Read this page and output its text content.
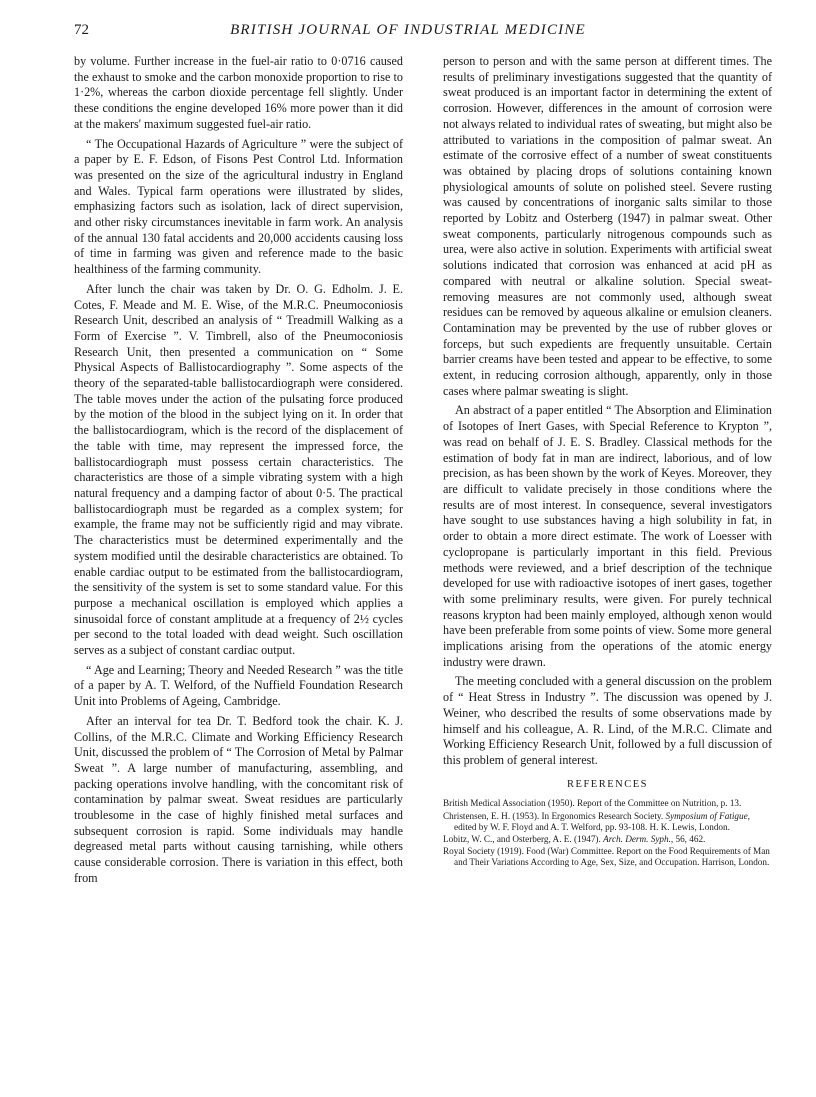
72	BRITISH JOURNAL OF INDUSTRIAL MEDICINE

by volume. Further increase in the fuel-air ratio to 0·0716 caused the exhaust to smoke and the carbon monoxide proportion to rise to 1·2%, whereas the carbon dioxide percentage fell slightly. Under these conditions the engine developed 16% more power than it did at the makers' maximum suggested fuel-air ratio.

“ The Occupational Hazards of Agriculture ” were the subject of a paper by E. F. Edson, of Fisons Pest Control Ltd. Information was presented on the size of the agricultural industry in England and Wales. Typical farm operations were illustrated by slides, emphasizing factors such as isolation, lack of direct supervision, and other risky circumstances inevitable in farm work. An analysis of the annual 130 fatal accidents and 20,000 accidents causing loss of time in farming was given and reference made to the basic healthiness of the farming community.

After lunch the chair was taken by Dr. O. G. Edholm. J. E. Cotes, F. Meade and M. E. Wise, of the M.R.C. Pneumoconiosis Research Unit, described an analysis of “ Treadmill Walking as a Form of Exercise ”. V. Timbrell, also of the Pneumoconiosis Research Unit, then presented a communication on “ Some Physical Aspects of Ballistocardiography ”. Some aspects of the theory of the separated-table ballistocardiograph were considered. The table moves under the action of the pulsating force produced by the motion of the blood in the subject lying on it. In order that the ballistocardiogram, which is the record of the displacement of the table with time, may represent the impressed force, the ballistocardiograph must possess certain characteristics. The characteristics are those of a simple vibrating system with a high natural frequency and a damping factor of about 0·5. The practical ballistocardiograph must be regarded as a complex system; for example, the frame may not be sufficiently rigid and may vibrate. The characteristics must be determined experimentally and the system modified until the desirable characteristics are obtained. To enable cardiac output to be estimated from the ballistocardiogram, the sensitivity of the system is set to some standard value. For this purpose a mechanical oscillation is employed which applies a sinusoidal force of constant amplitude at a frequency of 2½ cycles per second to the total loaded with dead weight. Such oscillation serves as a subject of constant cardiac output.

“ Age and Learning; Theory and Needed Research ” was the title of a paper by A. T. Welford, of the Nuffield Foundation Research Unit into Problems of Ageing, Cambridge.

After an interval for tea Dr. T. Bedford took the chair. K. J. Collins, of the M.R.C. Climate and Working Efficiency Research Unit, discussed the problem of “ The Corrosion of Metal by Palmar Sweat ”. A large number of manufacturing, assembling, and packing operations involve handling, with the concomitant risk of contamination by palmar sweat. Sweat residues are particularly troublesome in the case of highly finished metal surfaces and subsequent corrosion is rapid. Some individuals may handle degreased metal parts without causing tarnishing, while others cause considerable corrosion. There is variation in this effect, both from

person to person and with the same person at different times. The results of preliminary investigations suggested that the quantity of sweat produced is an important factor in determining the extent of corrosion. However, differences in the amount of corrosion were not always related to individual rates of sweating, but might also be attributed to variations in the composition of palmar sweat. An estimate of the corrosive effect of a number of sweat constituents was obtained by placing drops of solutions containing known physiological amounts of solute on polished steel. Severe rusting was caused by concentrations of inorganic salts similar to those reported by Lobitz and Osterberg (1947) in palmar sweat. Other sweat components, particularly nitrogenous compounds such as urea, were also active in solution. Experiments with artificial sweat solutions indicated that corrosion was enhanced at acid pH as compared with neutral or alkaline solution. Special sweat-removing measures are not commonly used, although sweat residues can be removed by aqueous alkaline or emulsion cleaners. Contamination may be prevented by the use of rubber gloves or forceps, but such expedients are frequently unsuitable. Certain barrier creams have been tested and appear to be effective, to some extent, in reducing corrosion although, apparently, only in those cases where palmar sweating is slight.

An abstract of a paper entitled “ The Absorption and Elimination of Isotopes of Inert Gases, with Special Reference to Krypton ”, was read on behalf of J. E. S. Bradley. Classical methods for the estimation of body fat in man are indirect, laborious, and of low precision, as has been shown by the work of Keyes. Moreover, they are difficult to validate precisely in those conditions where the results are of most interest. In consequence, several investigators have sought to use substances having a high solubility in fat, in order to obtain a more direct estimate. The work of Loesser with cyclopropane is particularly important in this field. Previous methods were reviewed, and a brief description of the technique developed for use with radioactive isotopes of inert gases, together with some preliminary results, were given. For purely technical reasons krypton had been mainly employed, although xenon would have been preferable from some points of view. Some more general implications arising from the operations of the atomic energy industry were drawn.

The meeting concluded with a general discussion on the problem of “ Heat Stress in Industry ”. The discussion was opened by J. Weiner, who described the results of some observations made by himself and his colleague, A. R. Lind, of the M.R.C. Climate and Working Efficiency Research Unit, followed by a full discussion of this problem of general interest.

REFERENCES
British Medical Association (1950). Report of the Committee on Nutrition, p. 13.
Christensen, E. H. (1953). In Ergonomics Research Society. Symposium of Fatigue, edited by W. F. Floyd and A. T. Welford, pp. 93-108. H. K. Lewis, London.
Lobitz, W. C., and Osterberg, A. E. (1947). Arch. Derm. Syph., 56, 462.
Royal Society (1919). Food (War) Committee. Report on the Food Requirements of Man and Their Variations According to Age, Sex, Size, and Occupation. Harrison, London.
